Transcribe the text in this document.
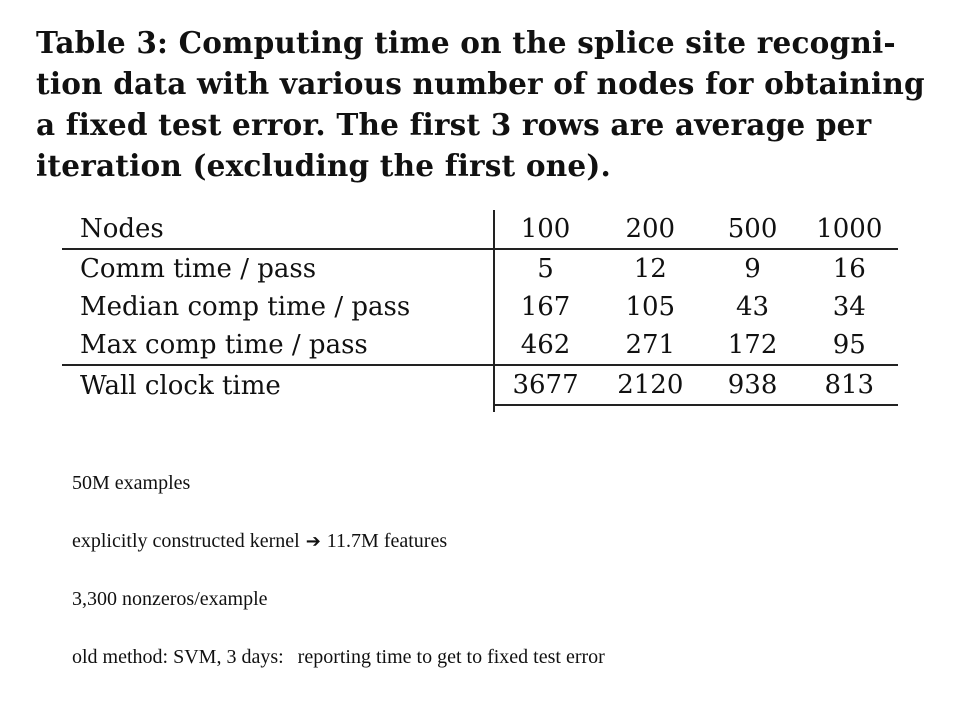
Table 3: Computing time on the splice site recogni-
tion data with various number of nodes for obtaining
a fixed test error. The first 3 rows are average per
iteration (excluding the first one).
Nodes	100	200	500	1000
Comm time / pass	5	12	9	16
Median comp time / pass	167	105	43	34
Max comp time / pass	462	271	172	95
Wall clock time	3677	2120	938	813

50M examples
explicitly constructed kernel ➔ 11.7M features
3,300 nonzeros/example
old method: SVM, 3 days: reporting time to get to fixed test error
